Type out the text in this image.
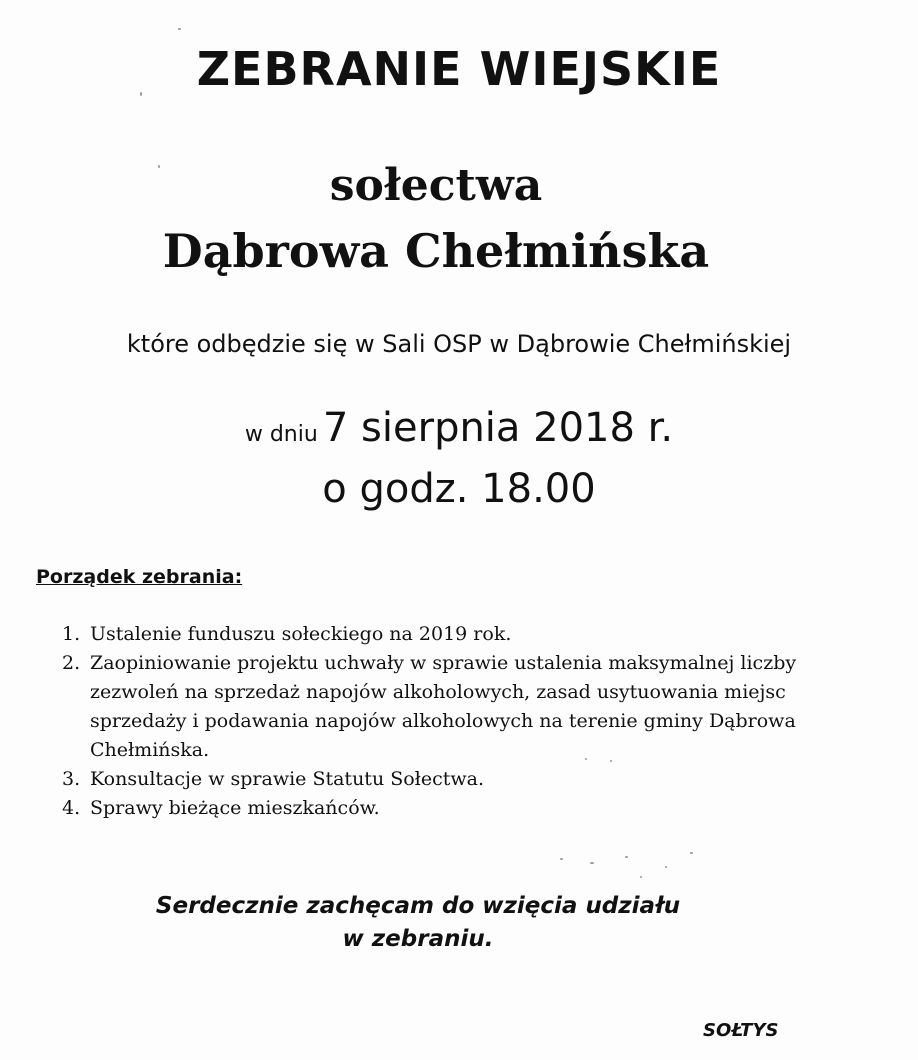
ZEBRANIE WIEJSKIE
sołectwa
Dąbrowa Chełmińska

które odbędzie się w Sali OSP w Dąbrowie Chełmińskiej

w dniu 7 sierpnia 2018 r.

o godz. 18.00

Porządek zebrania:

1. Ustalenie funduszu sołeckiego na 2019 rok.
2. Zaopiniowanie projektu uchwały w sprawie ustalenia maksymalnej liczby zezwoleń na sprzedaż napojów alkoholowych, zasad usytuowania miejsc sprzedaży i podawania napojów alkoholowych na terenie gminy Dąbrowa Chełmińska.
3. Konsultacje w sprawie Statutu Sołectwa.
4. Sprawy bieżące mieszkańców.
Serdecznie zachęcam do wzięcia udziału
w zebraniu.

SOŁTYS
